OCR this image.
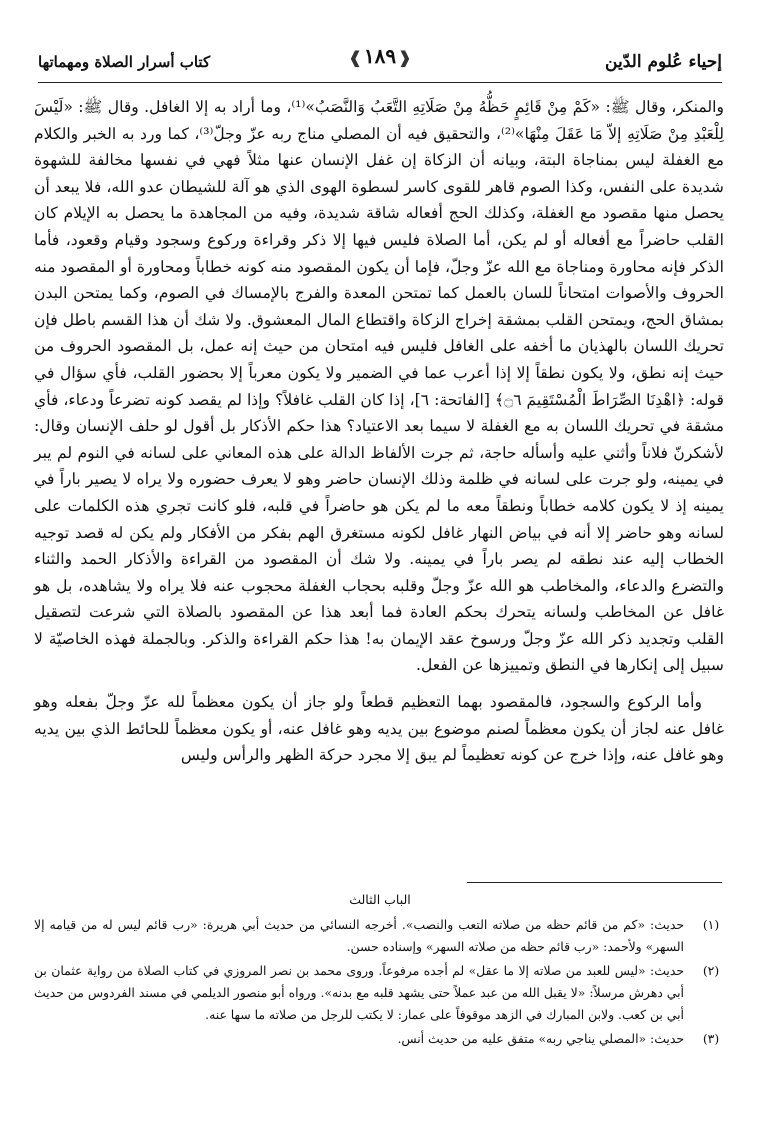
إحياء عُلوم الدّين
كتاب أسرار الصلاة ومهماتها	❰١٨٩❱

والمنكر، وقال ﷺ: «كَمْ مِنْ قَائِمٍ حَظُّهُ مِنْ صَلَاتِهِ التَّعَبُ وَالنَّصَبُ»⁽¹⁾، وما أراد به إلا الغافل. وقال ﷺ: «لَيْسَ لِلْعَبْدِ مِنْ صَلَاتِهِ إلاّ مَا عَقَلَ مِنْهَا»⁽²⁾، والتحقيق فيه أن المصلي مناج ربه عزّ وجلّ⁽³⁾، كما ورد به الخبر والكلام مع الغفلة ليس بمناجاة البتة، وبيانه أن الزكاة إن غفل الإنسان عنها مثلاً فهي في نفسها مخالفة للشهوة شديدة على النفس، وكذا الصوم قاهر للقوى كاسر لسطوة الهوى الذي هو آلة للشيطان عدو الله، فلا يبعد أن يحصل منها مقصود مع الغفلة، وكذلك الحج أفعاله شاقة شديدة، وفيه من المجاهدة ما يحصل به الإيلام كان القلب حاضراً مع أفعاله أو لم يكن، أما الصلاة فليس فيها إلا ذكر وقراءة وركوع وسجود وقيام وقعود، فأما الذكر فإنه محاورة ومناجاة مع الله عزّ وجلّ، فإما أن يكون المقصود منه كونه خطاباً ومحاورة أو المقصود منه الحروف والأصوات امتحاناً للسان بالعمل كما تمتحن المعدة والفرج بالإمساك في الصوم، وكما يمتحن البدن بمشاق الحج، ويمتحن القلب بمشقة إخراج الزكاة واقتطاع المال المعشوق. ولا شك أن هذا القسم باطل فإن تحريك اللسان بالهذيان ما أخفه على الغافل فليس فيه امتحان من حيث إنه عمل، بل المقصود الحروف من حيث إنه نطق، ولا يكون نطقاً إلا إذا أعرب عما في الضمير ولا يكون معرباً إلا بحضور القلب، فأي سؤال في قوله: ﴿اهْدِنَا الصِّرَاطَ الْمُسْتَقِيمَ ۝٦﴾ [الفاتحة: ٦]، إذا كان القلب غافلاً؟ وإذا لم يقصد كونه تضرعاً ودعاء، فأي مشقة في تحريك اللسان به مع الغفلة لا سيما بعد الاعتياد؟ هذا حكم الأذكار بل أقول لو حلف الإنسان وقال: لأشكرنّ فلاناً وأثني عليه وأسأله حاجة، ثم جرت الألفاظ الدالة على هذه المعاني على لسانه في النوم لم يبر في يمينه، ولو جرت على لسانه في ظلمة وذلك الإنسان حاضر وهو لا يعرف حضوره ولا يراه لا يصير باراً في يمينه إذ لا يكون كلامه خطاباً ونطقاً معه ما لم يكن هو حاضراً في قلبه، فلو كانت تجري هذه الكلمات على لسانه وهو حاضر إلا أنه في بياض النهار غافل لكونه مستغرق الهم بفكر من الأفكار ولم يكن له قصد توجيه الخطاب إليه عند نطقه لم يصر باراً في يمينه. ولا شك أن المقصود من القراءة والأذكار الحمد والثناء والتضرع والدعاء، والمخاطب هو الله عزّ وجلّ وقلبه بحجاب الغفلة محجوب عنه فلا يراه ولا يشاهده، بل هو غافل عن المخاطب ولسانه يتحرك بحكم العادة فما أبعد هذا عن المقصود بالصلاة التي شرعت لتصقيل القلب وتجديد ذكر الله عزّ وجلّ ورسوخ عقد الإيمان به! هذا حكم القراءة والذكر. وبالجملة فهذه الخاصيّة لا سبيل إلى إنكارها في النطق وتمييزها عن الفعل.

وأما الركوع والسجود، فالمقصود بهما التعظيم قطعاً ولو جاز أن يكون معظماً لله عزّ وجلّ بفعله وهو غافل عنه لجاز أن يكون معظماً لصنم موضوع بين يديه وهو غافل عنه، أو يكون معظماً للحائط الذي بين يديه وهو غافل عنه، وإذا خرج عن كونه تعظيماً لم يبق إلا مجرد حركة الظهر والرأس وليس

الباب الثالث
(١)
حديث: «كم من قائم حظه من صلاته التعب والنصب». أخرجه النسائي من حديث أبي هريرة: «رب قائم ليس له من قيامه إلا السهر» ولأحمد: «رب قائم حظه من صلاته السهر» وإسناده حسن.
(٢)
حديث: «ليس للعبد من صلاته إلا ما عقل» لم أجده مرفوعاً. وروى محمد بن نصر المروزي في كتاب الصلاة من رواية عثمان بن أبي دهرش مرسلاً: «لا يقبل الله من عبد عملاً حتى يشهد قلبه مع بدنه». ورواه أبو منصور الديلمي في مسند الفردوس من حديث أبي بن كعب. ولابن المبارك في الزهد موقوفاً على عمار: لا يكتب للرجل من صلاته ما سها عنه.
(٣)
حديث: «المصلي يناجي ربه» متفق عليه من حديث أنس.
